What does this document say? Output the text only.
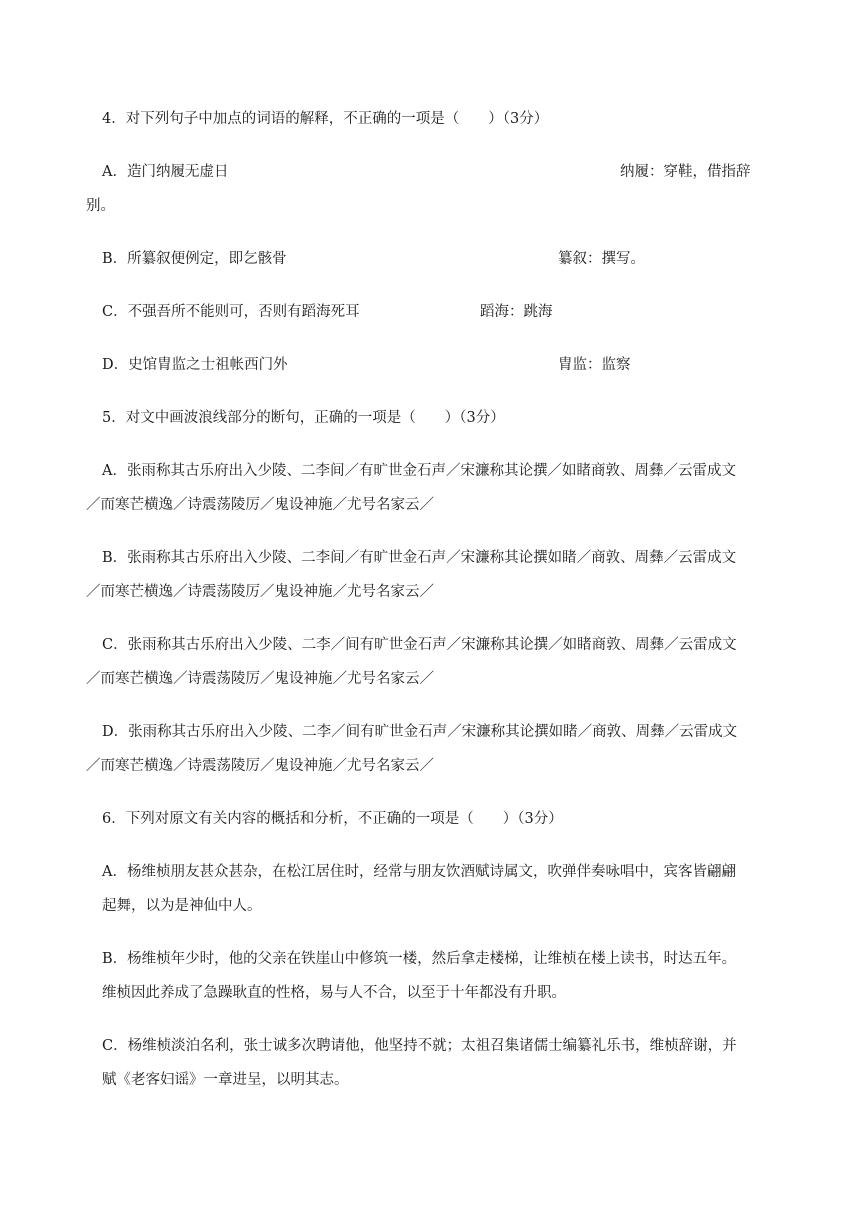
4．对下列句子中加点的词语的解释，不正确的一项是（　　）（3分）

A．造门纳履无虚日	纳履：穿鞋，借指辞
别。
B．所纂叙便例定，即乞骸骨	纂叙：撰写。
C．不强吾所不能则可，否则有蹈海死耳	蹈海：跳海
D．史馆胄监之士祖帐西门外	胄监：监察

5．对文中画波浪线部分的断句，正确的一项是（　　）（3分）

A．张雨称其古乐府出入少陵、二李间／有旷世金石声／宋濂称其论撰／如睹商敦、周彝／云雷成文
／而寒芒横逸／诗震荡陵厉／鬼设神施／尤号名家云／
B．张雨称其古乐府出入少陵、二李间／有旷世金石声／宋濂称其论撰如睹／商敦、周彝／云雷成文
／而寒芒横逸／诗震荡陵厉／鬼设神施／尤号名家云／
C．张雨称其古乐府出入少陵、二李／间有旷世金石声／宋濂称其论撰／如睹商敦、周彝／云雷成文
／而寒芒横逸／诗震荡陵厉／鬼设神施／尤号名家云／
D．张雨称其古乐府出入少陵、二李／间有旷世金石声／宋濂称其论撰如睹／商敦、周彝／云雷成文
／而寒芒横逸／诗震荡陵厉／鬼设神施／尤号名家云／

6．下列对原文有关内容的概括和分析，不正确的一项是（　　）（3分）

A．杨维桢朋友甚众甚杂，在松江居住时，经常与朋友饮酒赋诗属文，吹弹伴奏咏唱中，宾客皆翩翩
起舞，以为是神仙中人。
B．杨维桢年少时，他的父亲在铁崖山中修筑一楼，然后拿走楼梯，让维桢在楼上读书，时达五年。
维桢因此养成了急躁耿直的性格，易与人不合，以至于十年都没有升职。
C．杨维桢淡泊名利，张士诚多次聘请他，他坚持不就；太祖召集诸儒士编纂礼乐书，维桢辞谢，并
赋《老客妇谣》一章进呈，以明其志。
